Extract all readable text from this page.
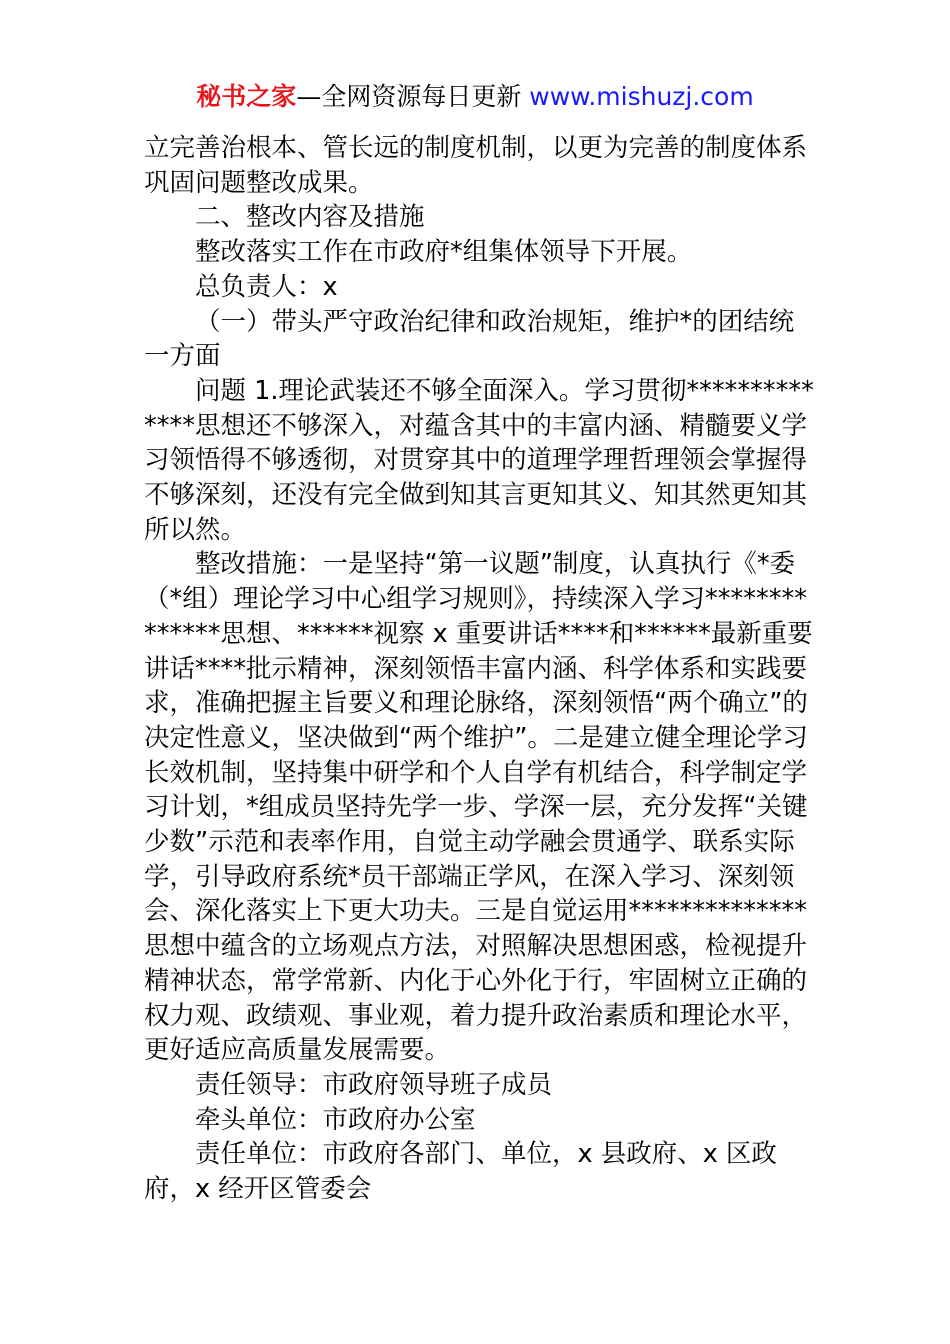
秘书之家—全网资源每日更新 www.mishuzj.com

立完善治根本、管长远的制度机制，以更为完善的制度体系巩固问题整改成果。

二、整改内容及措施

整改落实工作在市政府*组集体领导下开展。

总负责人：x

（一）带头严守政治纪律和政治规矩，维护*的团结统一方面

问题 1.理论武装还不够全面深入。学习贯彻**************思想还不够深入，对蕴含其中的丰富内涵、精髓要义学习领悟得不够透彻，对贯穿其中的道理学理哲理领会掌握得不够深刻，还没有完全做到知其言更知其义、知其然更知其所以然。

整改措施：一是坚持“第一议题”制度，认真执行《*委（*组）理论学习中心组学习规则》，持续深入学习**************思想、******视察 x 重要讲话****和******最新重要讲话****批示精神，深刻领悟丰富内涵、科学体系和实践要求，准确把握主旨要义和理论脉络，深刻领悟“两个确立”的决定性意义，坚决做到“两个维护”。二是建立健全理论学习长效机制，坚持集中研学和个人自学有机结合，科学制定学习计划，*组成员坚持先学一步、学深一层，充分发挥“关键少数”示范和表率作用，自觉主动学融会贯通学、联系实际学，引导政府系统*员干部端正学风，在深入学习、深刻领会、深化落实上下更大功夫。三是自觉运用**************思想中蕴含的立场观点方法，对照解决思想困惑，检视提升精神状态，常学常新、内化于心外化于行，牢固树立正确的权力观、政绩观、事业观，着力提升政治素质和理论水平，更好适应高质量发展需要。

责任领导：市政府领导班子成员

牵头单位：市政府办公室

责任单位：市政府各部门、单位，x 县政府、x 区政府，x 经开区管委会
